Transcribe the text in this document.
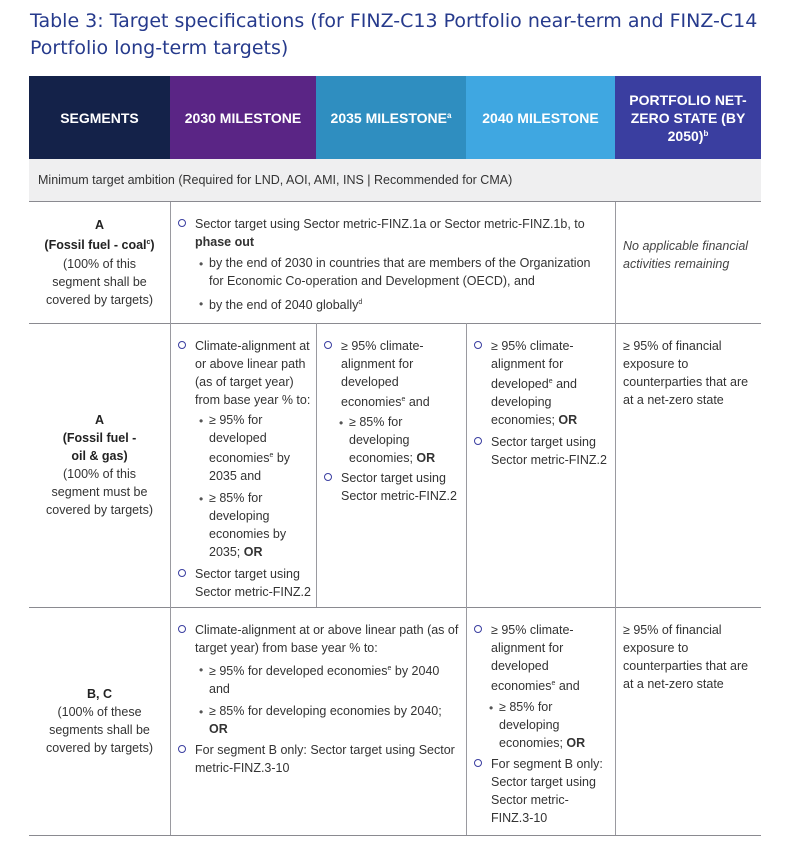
Table 3: Target specifications (for FINZ-C13 Portfolio near-term and FINZ-C14 Portfolio long-term targets)
SEGMENTS	2030 MILESTONE 2035 MILESTONE$^a$ 2040 MILESTONE
PORTFOLIO NET-ZERO STATE (BY 2050)$^b$
Minimum target ambition (Required for LND, AOI, AMI, INS | Recommended for CMA)
A
(Fossil fuel - coal$^c$)
(100% of this segment shall be covered by targets)
Sector target using Sector metric-FINZ.1a or Sector metric-FINZ.1b, to phase out
• by the end of 2030 in countries that are members of the Organization for Economic Co-operation and Development (OECD), and
• by the end of 2040 globally$^d$
No applicable financial activities remaining
A
(Fossil fuel - oil & gas)
(100% of this segment must be covered by targets)
Climate-alignment at or above linear path (as of target year) from base year % to:
• ≥ 95% for developed economies$^e$ by 2035 and
• ≥ 85% for developing economies by 2035; OR
Sector target using Sector metric-FINZ.2
≥ 95% climate-alignment for developed economies$^e$ and
• ≥ 85% for developing economies; OR
Sector target using Sector metric-FINZ.2
≥ 95% climate-alignment for developed$^e$ and developing economies; OR
Sector target using Sector metric-FINZ.2
≥ 95% of financial exposure to counterparties that are at a net-zero state
B, C
(100% of these segments shall be covered by targets)
Climate-alignment at or above linear path (as of target year) from base year % to:
• ≥ 95% for developed economies$^e$ by 2040 and
• ≥ 85% for developing economies by 2040; OR
For segment B only: Sector target using Sector metric-FINZ.3-10
≥ 95% climate-alignment for developed economies$^e$ and
• ≥ 85% for developing economies; OR
For segment B only: Sector target using Sector metric-FINZ.3-10
≥ 95% of financial exposure to counterparties that are at a net-zero state
